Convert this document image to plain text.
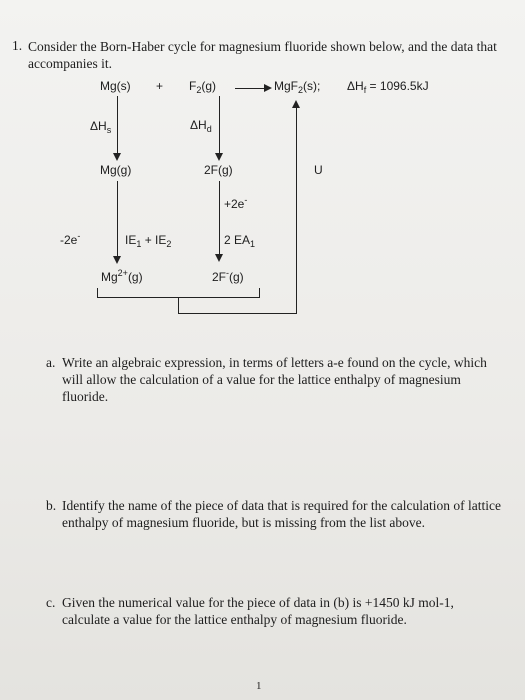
1. Consider the Born-Haber cycle for magnesium fluoride shown below, and the data that accompanies it.
$Mg(s) + F_2(g)$	MgF$_2$(s); $\Delta H_f = 1096.5kJ$
$\Delta H_s$	$\Delta H_d$
Mg(g)	2F(g)	U
+2e-
2 $EA_1$
-2e-	$IE_1 + IE_2$
$Mg^{2+}(g)$	2F-(g)
a. Write an algebraic expression, in terms of letters a-e found on the cycle, which will allow the calculation of a value for the lattice enthalpy of magnesium fluoride.
b. Identify the name of the piece of data that is required for the calculation of lattice enthalpy of magnesium fluoride, but is missing from the list above.
c. Given the numerical value for the piece of data in (b) is +1450 kJ mol-1, calculate a value for the lattice enthalpy of magnesium fluoride.
1
